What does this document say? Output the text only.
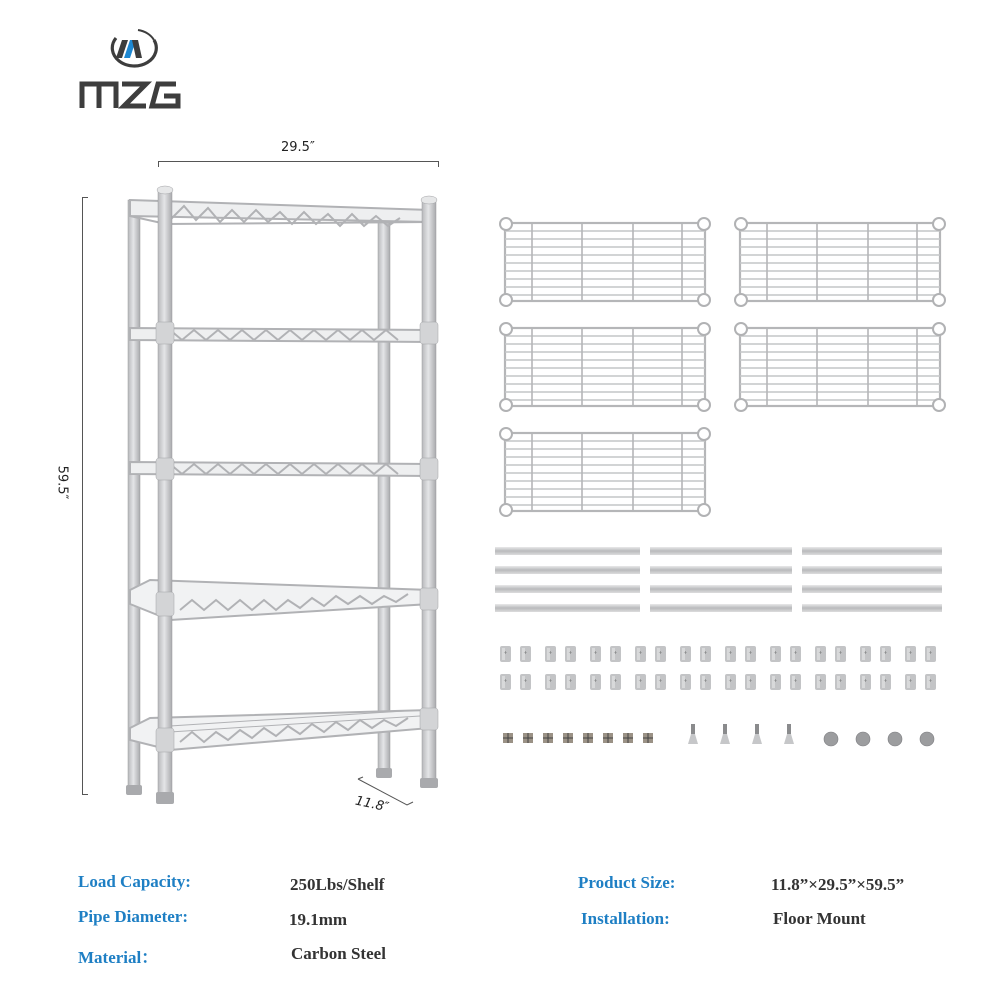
29.5″
59.5″
11.8″
Load Capacity:	250Lbs/Shelf
Pipe Diameter:	19.1mm
Material：	Carbon Steel
Product Size:	11.8”×29.5”×59.5”
Installation:	Floor Mount
